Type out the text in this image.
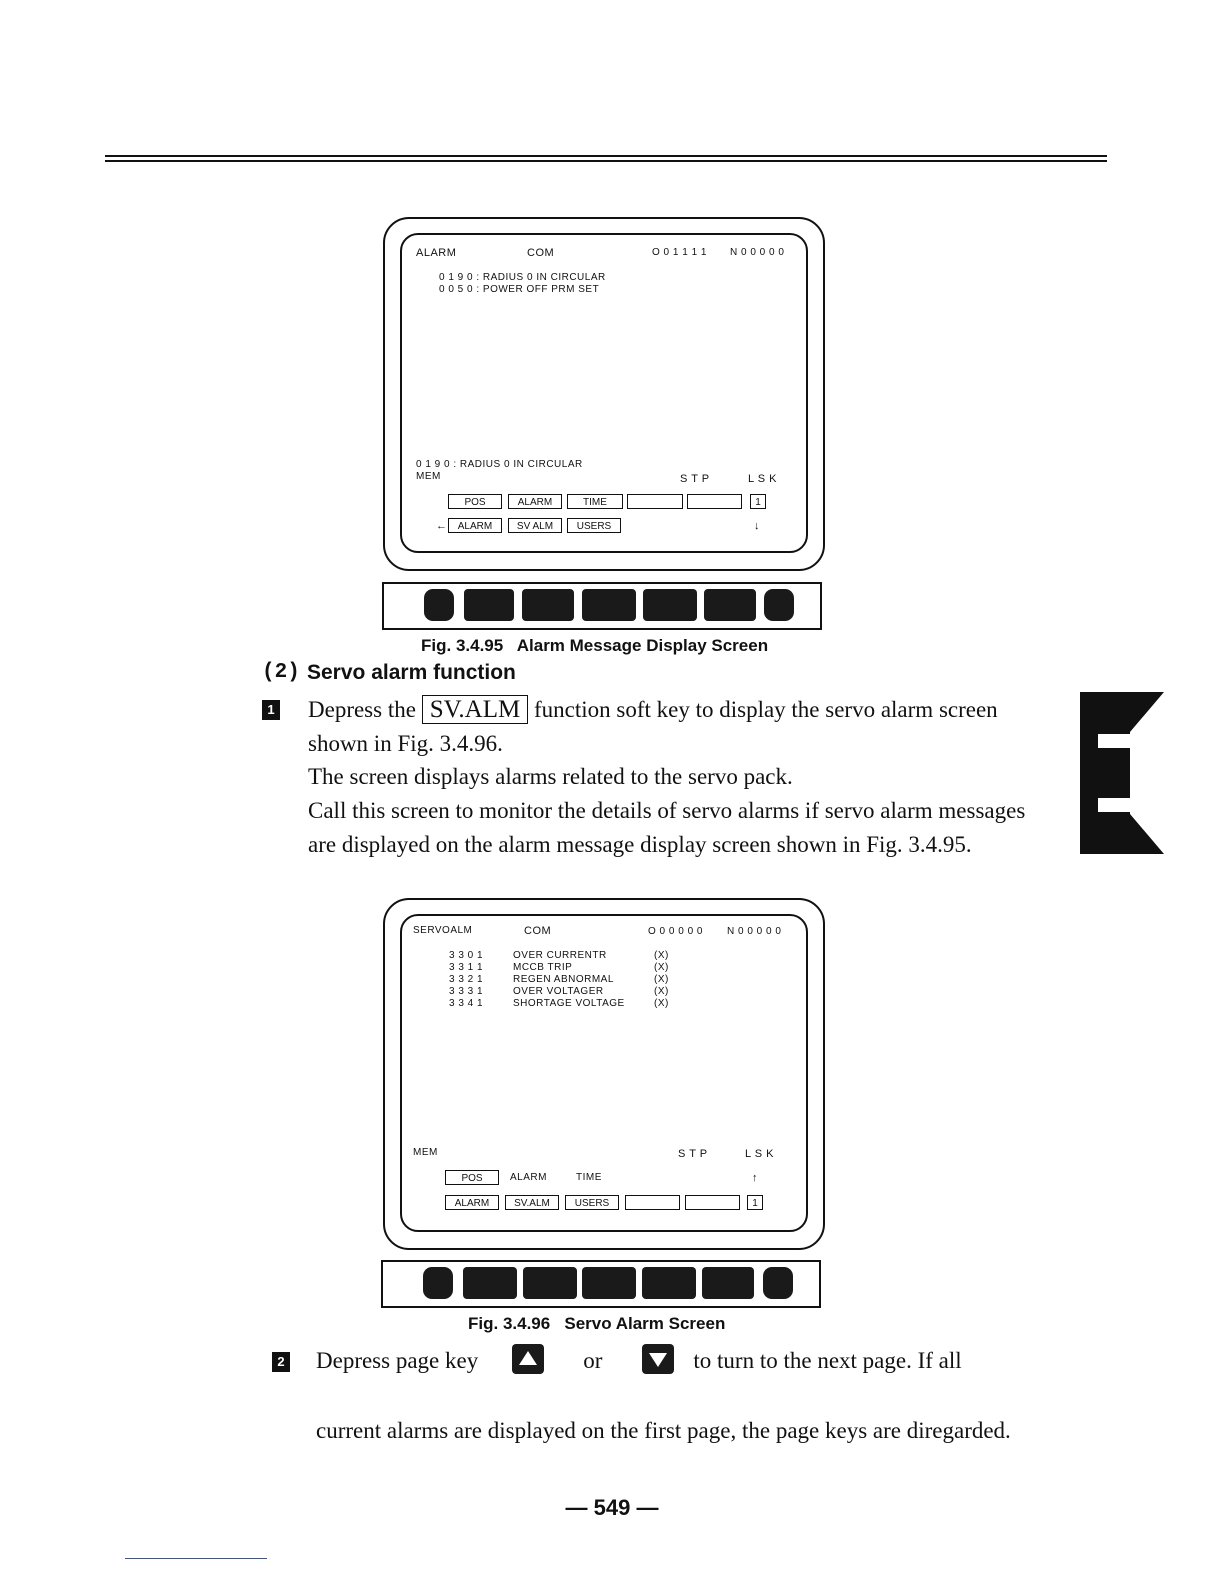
ALARM	COM	O 0 1 1 1 1 N 0 0 0 0 0
0 1 9 0 : RADIUS 0 IN CIRCULAR
0 0 5 0 : POWER OFF PRM SET
0 1 9 0 : RADIUS 0 IN CIRCULAR
MEM	S T P	L S K
POS	ALARM	TIME	1
←	ALARM	SV ALM	USERS	↓
Fig. 3.4.95   Alarm Message Display Screen
(2) Servo alarm function
1 Depress the SV.ALM function soft key to display the servo alarm screen shown in Fig. 3.4.96.
The screen displays alarms related to the servo pack.
Call this screen to monitor the details of servo alarms if servo alarm messages are displayed on the alarm message display screen shown in Fig. 3.4.95.
SERVOALM	COM	O 0 0 0 0 0 N 0 0 0 0 0
3 3 0 1	OVER CURRENTR	(X)
3 3 1 1	MCCB TRIP	(X)
3 3 2 1	REGEN ABNORMAL	(X)
3 3 3 1	OVER VOLTAGER	(X)
3 3 4 1	SHORTAGE VOLTAGE	(X)
MEM	S T P	L S K
POS	ALARM	TIME	↑
ALARM	SV.ALM	USERS	1
Fig. 3.4.96   Servo Alarm Screen
2 Depress page key	or	to turn to the next page. If all
current alarms are displayed on the first page, the page keys are diregarded.
— 549 —
